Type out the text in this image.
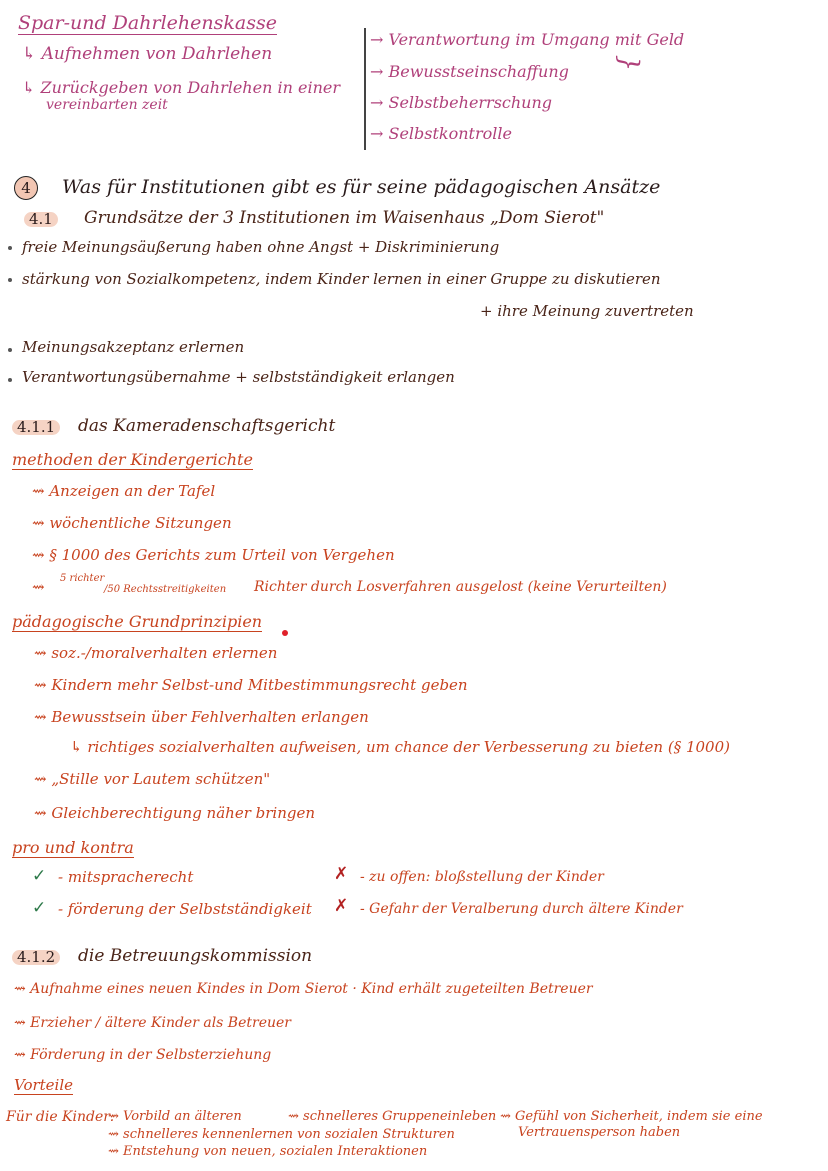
Spar-und Dahrlehenskasse
↳ Aufnehmen von Dahrlehen
↳ Zurückgeben von Dahrlehen in einer
vereinbarten zeit
→ Verantwortung im Umgang mit Geld
→ Bewusstseinschaffung
→ Selbstbeherrschung
→ Selbstkontrolle
}
4	Was für Institutionen gibt es für seine pädagogischen Ansätze
4.1 Grundsätze der 3 Institutionen im Waisenhaus „Dom Sierot"
freie Meinungsäußerung haben ohne Angst + Diskriminierung
stärkung von Sozialkompetenz, indem Kinder lernen in einer Gruppe zu diskutieren
+ ihre Meinung zuvertreten
Meinungsakzeptanz erlernen
Verantwortungsübernahme + selbstständigkeit erlangen
4.1.1 das Kameradenschaftsgericht
methoden der Kindergerichte
⇝ Anzeigen an der Tafel
⇝ wöchentliche Sitzungen
⇝ § 1000 des Gerichts zum Urteil von Vergehen
⇝ 5 richter
/50 Rechtsstreitigkeiten Richter durch Losverfahren ausgelost (keine Verurteilten)
pädagogische Grundprinzipien
⇝ soz.-/moralverhalten erlernen
⇝ Kindern mehr Selbst-und Mitbestimmungsrecht geben
⇝ Bewusstsein über Fehlverhalten erlangen
↳ richtiges sozialverhalten aufweisen, um chance der Verbesserung zu bieten (§ 1000)
⇝ „Stille vor Lautem schützen"
⇝ Gleichberechtigung näher bringen
pro und kontra
✓ - mitspracherecht
✓ - förderung der Selbstständigkeit
✗ - zu offen: bloßstellung der Kinder
✗ - Gefahr der Veralberung durch ältere Kinder
4.1.2 die Betreuungskommission
⇝ Aufnahme eines neuen Kindes in Dom Sierot · Kind erhält zugeteilten Betreuer
⇝ Erzieher / ältere Kinder als Betreuer
⇝ Förderung in der Selbsterziehung
Vorteile
Für die Kinder:
⇝ Vorbild an älteren	⇝ schnelleres Gruppeneinleben ⇝ Gefühl von Sicherheit, indem sie eine
Vertrauensperson haben
⇝ schnelleres kennenlernen von sozialen Strukturen
⇝ Entstehung von neuen, sozialen Interaktionen
